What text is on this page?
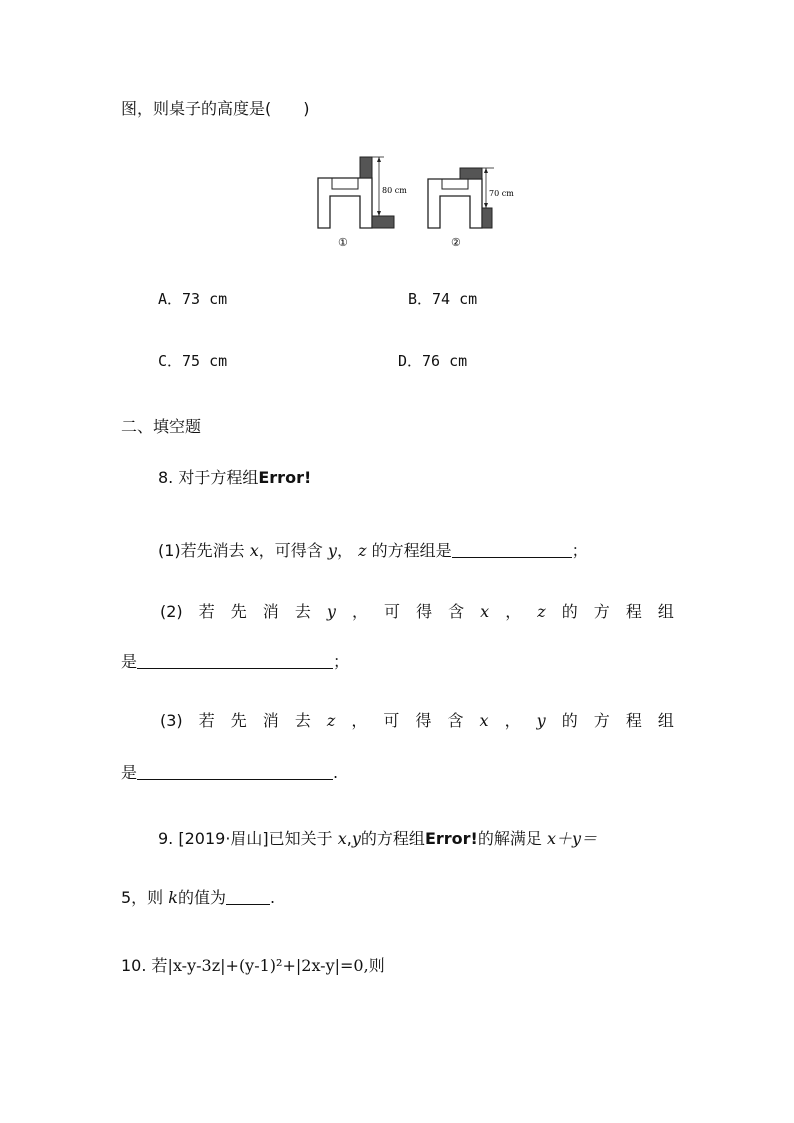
图，则桌子的高度是(　　)
80 cm
①
70 cm
②
A．73 cm	B．74 cm
C．75 cm	D．76 cm
二、填空题
8. 对于方程组Error!
(1)若先消去 x，可得含 y， z 的方程组是	；
(2) 若 先 消 去 y ， 可 得 含 x ， z 的 方 程 组
是	；
(3) 若 先 消 去 z ， 可 得 含 x ， y 的 方 程 组
是	.
9. [2019·眉山]已知关于 x,y的方程组Error!的解满足 x＋y＝
5，则 k的值为	.
10. 若|x-y-3z|+(y-1)²+|2x-y|=0,则
